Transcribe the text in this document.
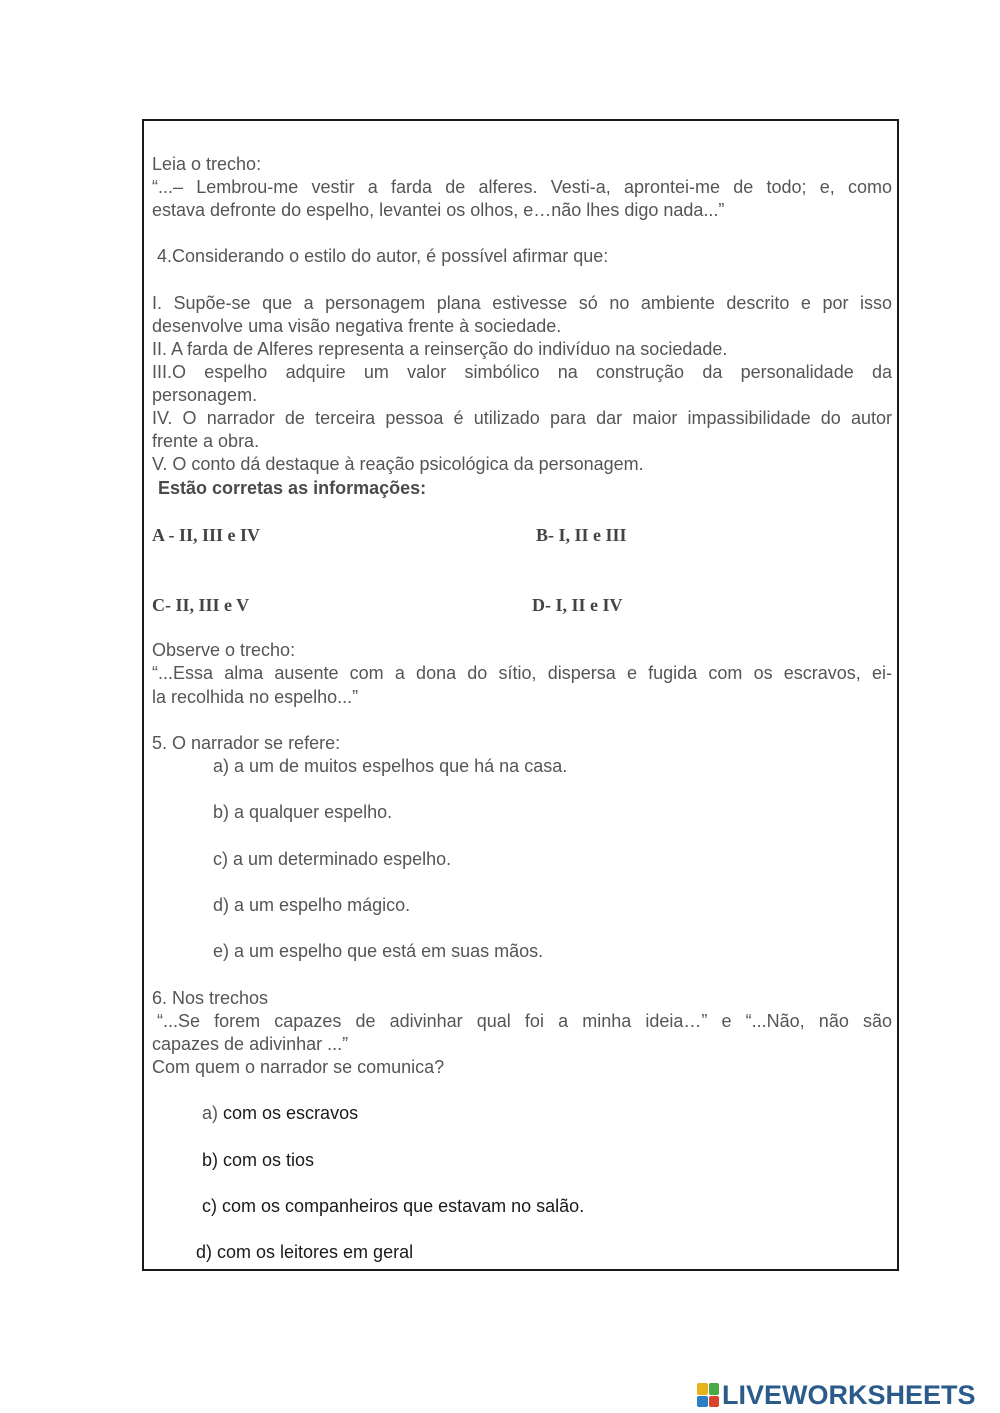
Leia o trecho:
“...– Lembrou-me vestir a farda de alferes. Vesti-a, aprontei-me de todo; e, como
estava defronte do espelho, levantei os olhos, e…não lhes digo nada...”
4.Considerando o estilo do autor, é possível afirmar que:
I. Supõe-se que a personagem plana estivesse só no ambiente descrito e por isso
desenvolve uma visão negativa frente à sociedade.
II. A farda de Alferes representa a reinserção do indivíduo na sociedade.
III.O espelho adquire um valor simbólico na construção da personalidade da
personagem.
IV. O narrador de terceira pessoa é utilizado para dar maior impassibilidade do autor
frente a obra.
V. O conto dá destaque à reação psicológica da personagem.
Estão corretas as informações:
A - II, III e IV	B- I, II e III
C- II, III e V	D- I, II e IV
Observe o trecho:
“...Essa alma ausente com a dona do sítio, dispersa e fugida com os escravos, ei-
la recolhida no espelho...”
5. O narrador se refere:
a) a um de muitos espelhos que há na casa.
b) a qualquer espelho.
c) a um determinado espelho.
d) a um espelho mágico.
e) a um espelho que está em suas mãos.
6. Nos trechos
“...Se forem capazes de adivinhar qual foi a minha ideia…” e “...Não, não são
capazes de adivinhar ...”
Com quem o narrador se comunica?
a) com os escravos
b) com os tios
c) com os companheiros que estavam no salão.
d) com os leitores em geral
LIVEWORKSHEETS
